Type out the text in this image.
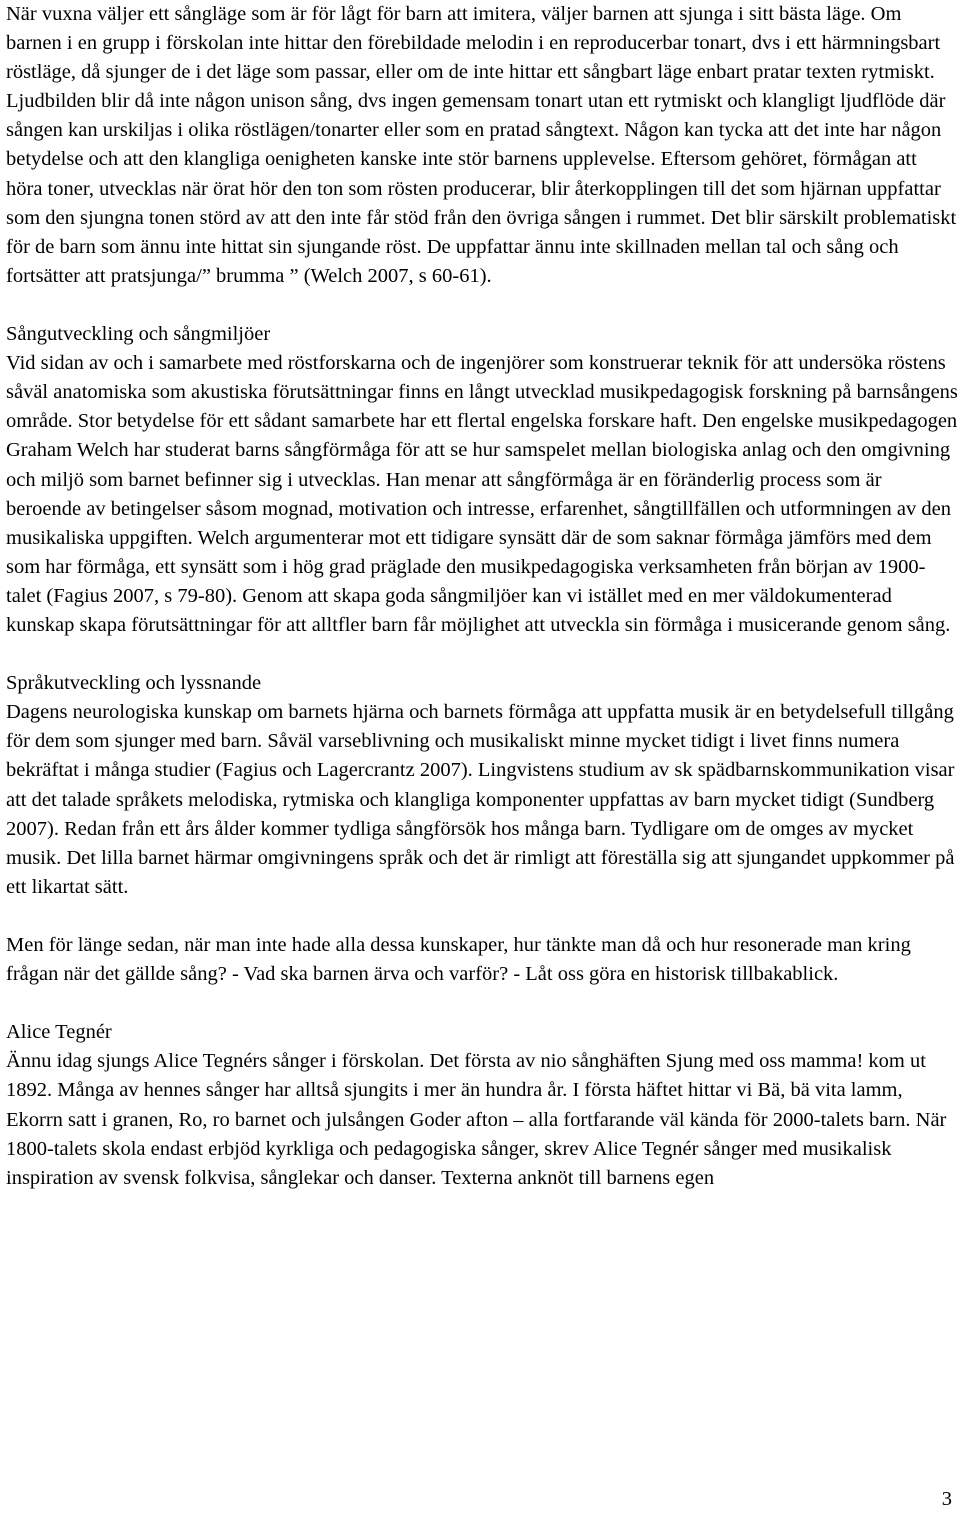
När vuxna väljer ett sångläge som är för lågt för barn att imitera, väljer barnen att sjunga i sitt bästa läge. Om barnen i en grupp i förskolan inte hittar den förebildade melodin i en reproducerbar tonart, dvs i ett härmningsbart röstläge, då sjunger de i det läge som passar, eller om de inte hittar ett sångbart läge enbart pratar texten rytmiskt. Ljudbilden blir då inte någon unison sång, dvs ingen gemensam tonart utan ett rytmiskt och klangligt ljudflöde där sången kan urskiljas i olika röstlägen/tonarter eller som en pratad sångtext. Någon kan tycka att det inte har någon betydelse och att den klangliga oenigheten kanske inte stör barnens upplevelse. Eftersom gehöret, förmågan att höra toner, utvecklas när örat hör den ton som rösten producerar, blir återkopplingen till det som hjärnan uppfattar som den sjungna tonen störd av att den inte får stöd från den övriga sången i rummet. Det blir särskilt problematiskt för de barn som ännu inte hittat sin sjungande röst. De uppfattar ännu inte skillnaden mellan tal och sång och fortsätter att pratsjunga/” brumma ” (Welch 2007, s 60-61).

Sångutveckling och sångmiljöer
Vid sidan av och i samarbete med röstforskarna och de ingenjörer som konstruerar teknik för att undersöka röstens såväl anatomiska som akustiska förutsättningar finns en långt utvecklad musikpedagogisk forskning på barnsångens område. Stor betydelse för ett sådant samarbete har ett flertal engelska forskare haft. Den engelske musikpedagogen Graham Welch har studerat barns sångförmåga för att se hur samspelet mellan biologiska anlag och den omgivning och miljö som barnet befinner sig i utvecklas. Han menar att sångförmåga är en föränderlig process som är beroende av betingelser såsom mognad, motivation och intresse, erfarenhet, sångtillfällen och utformningen av den musikaliska uppgiften. Welch argumenterar mot ett tidigare synsätt där de som saknar förmåga jämförs med dem som har förmåga, ett synsätt som i hög grad präglade den musikpedagogiska verksamheten från början av 1900-talet (Fagius 2007, s 79-80). Genom att skapa goda sångmiljöer kan vi istället med en mer väldokumenterad kunskap skapa förutsättningar för att alltfler barn får möjlighet att utveckla sin förmåga i musicerande genom sång.

Språkutveckling och lyssnande
Dagens neurologiska kunskap om barnets hjärna och barnets förmåga att uppfatta musik är en betydelsefull tillgång för dem som sjunger med barn. Såväl varseblivning och musikaliskt minne mycket tidigt i livet finns numera bekräftat i många studier (Fagius och Lagercrantz 2007). Lingvistens studium av sk spädbarnskommunikation visar att det talade språkets melodiska, rytmiska och klangliga komponenter uppfattas av barn mycket tidigt (Sundberg 2007). Redan från ett års ålder kommer tydliga sångförsök hos många barn. Tydligare om de omges av mycket musik. Det lilla barnet härmar omgivningens språk och det är rimligt att föreställa sig att sjungandet uppkommer på ett likartat sätt.

Men för länge sedan, när man inte hade alla dessa kunskaper, hur tänkte man då och hur resonerade man kring frågan när det gällde sång? - Vad ska barnen ärva och varför? - Låt oss göra en historisk tillbakablick.

Alice Tegnér
Ännu idag sjungs Alice Tegnérs sånger i förskolan. Det första av nio sånghäften Sjung med oss mamma! kom ut 1892. Många av hennes sånger har alltså sjungits i mer än hundra år. I första häftet hittar vi Bä, bä vita lamm, Ekorrn satt i granen, Ro, ro barnet och julsången Goder afton – alla fortfarande väl kända för 2000-talets barn. När 1800-talets skola endast erbjöd kyrkliga och pedagogiska sånger, skrev Alice Tegnér sånger med musikalisk inspiration av svensk folkvisa, sånglekar och danser. Texterna anknöt till barnens egen

3
